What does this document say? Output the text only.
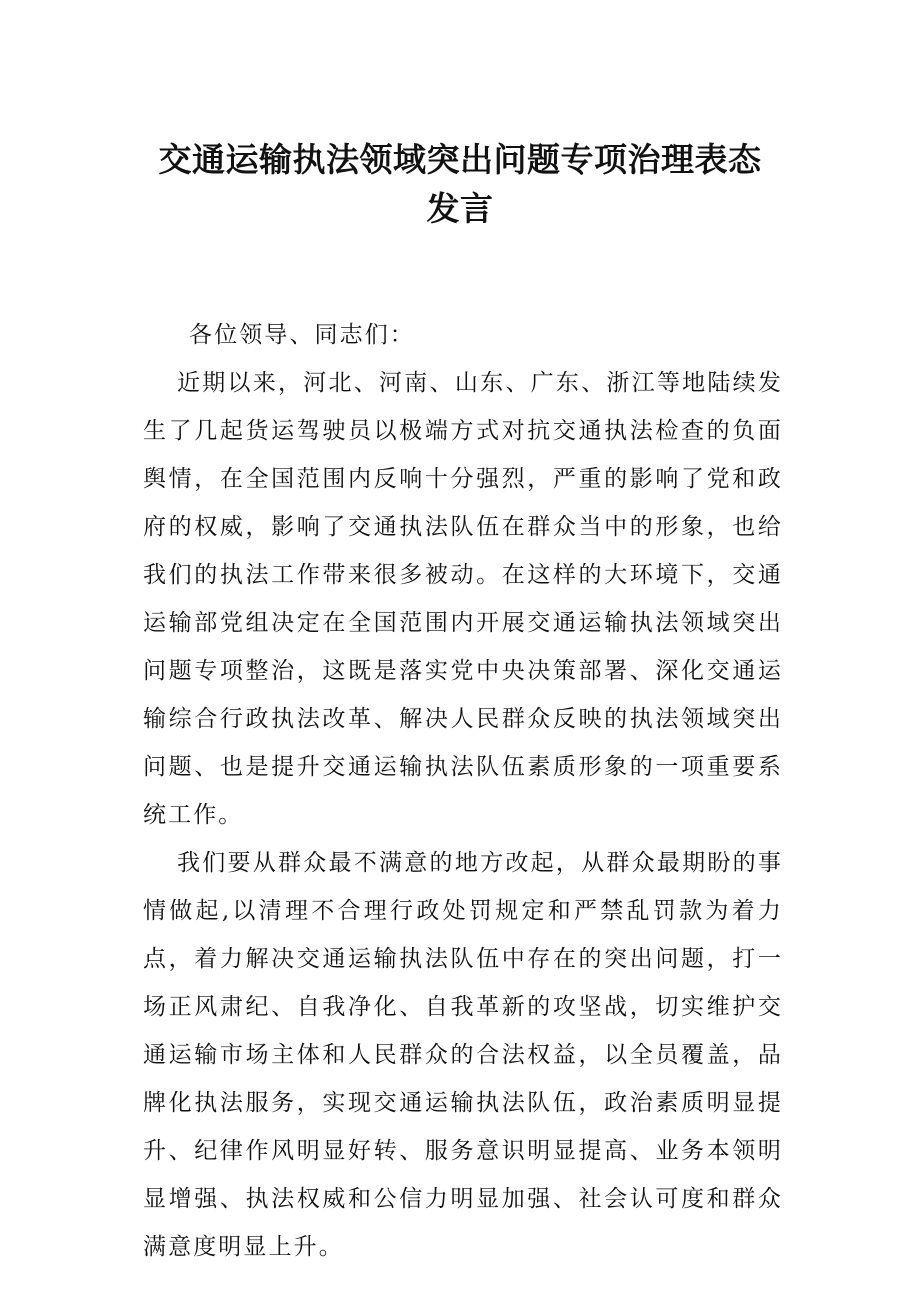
交通运输执法领域突出问题专项治理表态
发言

各位领导、同志们：

近期以来，河北、河南、山东、广东、浙江等地陆续发生了几起货运驾驶员以极端方式对抗交通执法检查的负面舆情，在全国范围内反响十分强烈，严重的影响了党和政府的权威，影响了交通执法队伍在群众当中的形象，也给我们的执法工作带来很多被动。在这样的大环境下，交通运输部党组决定在全国范围内开展交通运输执法领域突出问题专项整治，这既是落实党中央决策部署、深化交通运输综合行政执法改革、解决人民群众反映的执法领域突出问题、也是提升交通运输执法队伍素质形象的一项重要系统工作。

我们要从群众最不满意的地方改起，从群众最期盼的事情做起,以清理不合理行政处罚规定和严禁乱罚款为着力点，着力解决交通运输执法队伍中存在的突出问题，打一场正风肃纪、自我净化、自我革新的攻坚战，切实维护交通运输市场主体和人民群众的合法权益，以全员覆盖，品牌化执法服务，实现交通运输执法队伍，政治素质明显提升、纪律作风明显好转、服务意识明显提高、业务本领明显增强、执法权威和公信力明显加强、社会认可度和群众满意度明显上升。
